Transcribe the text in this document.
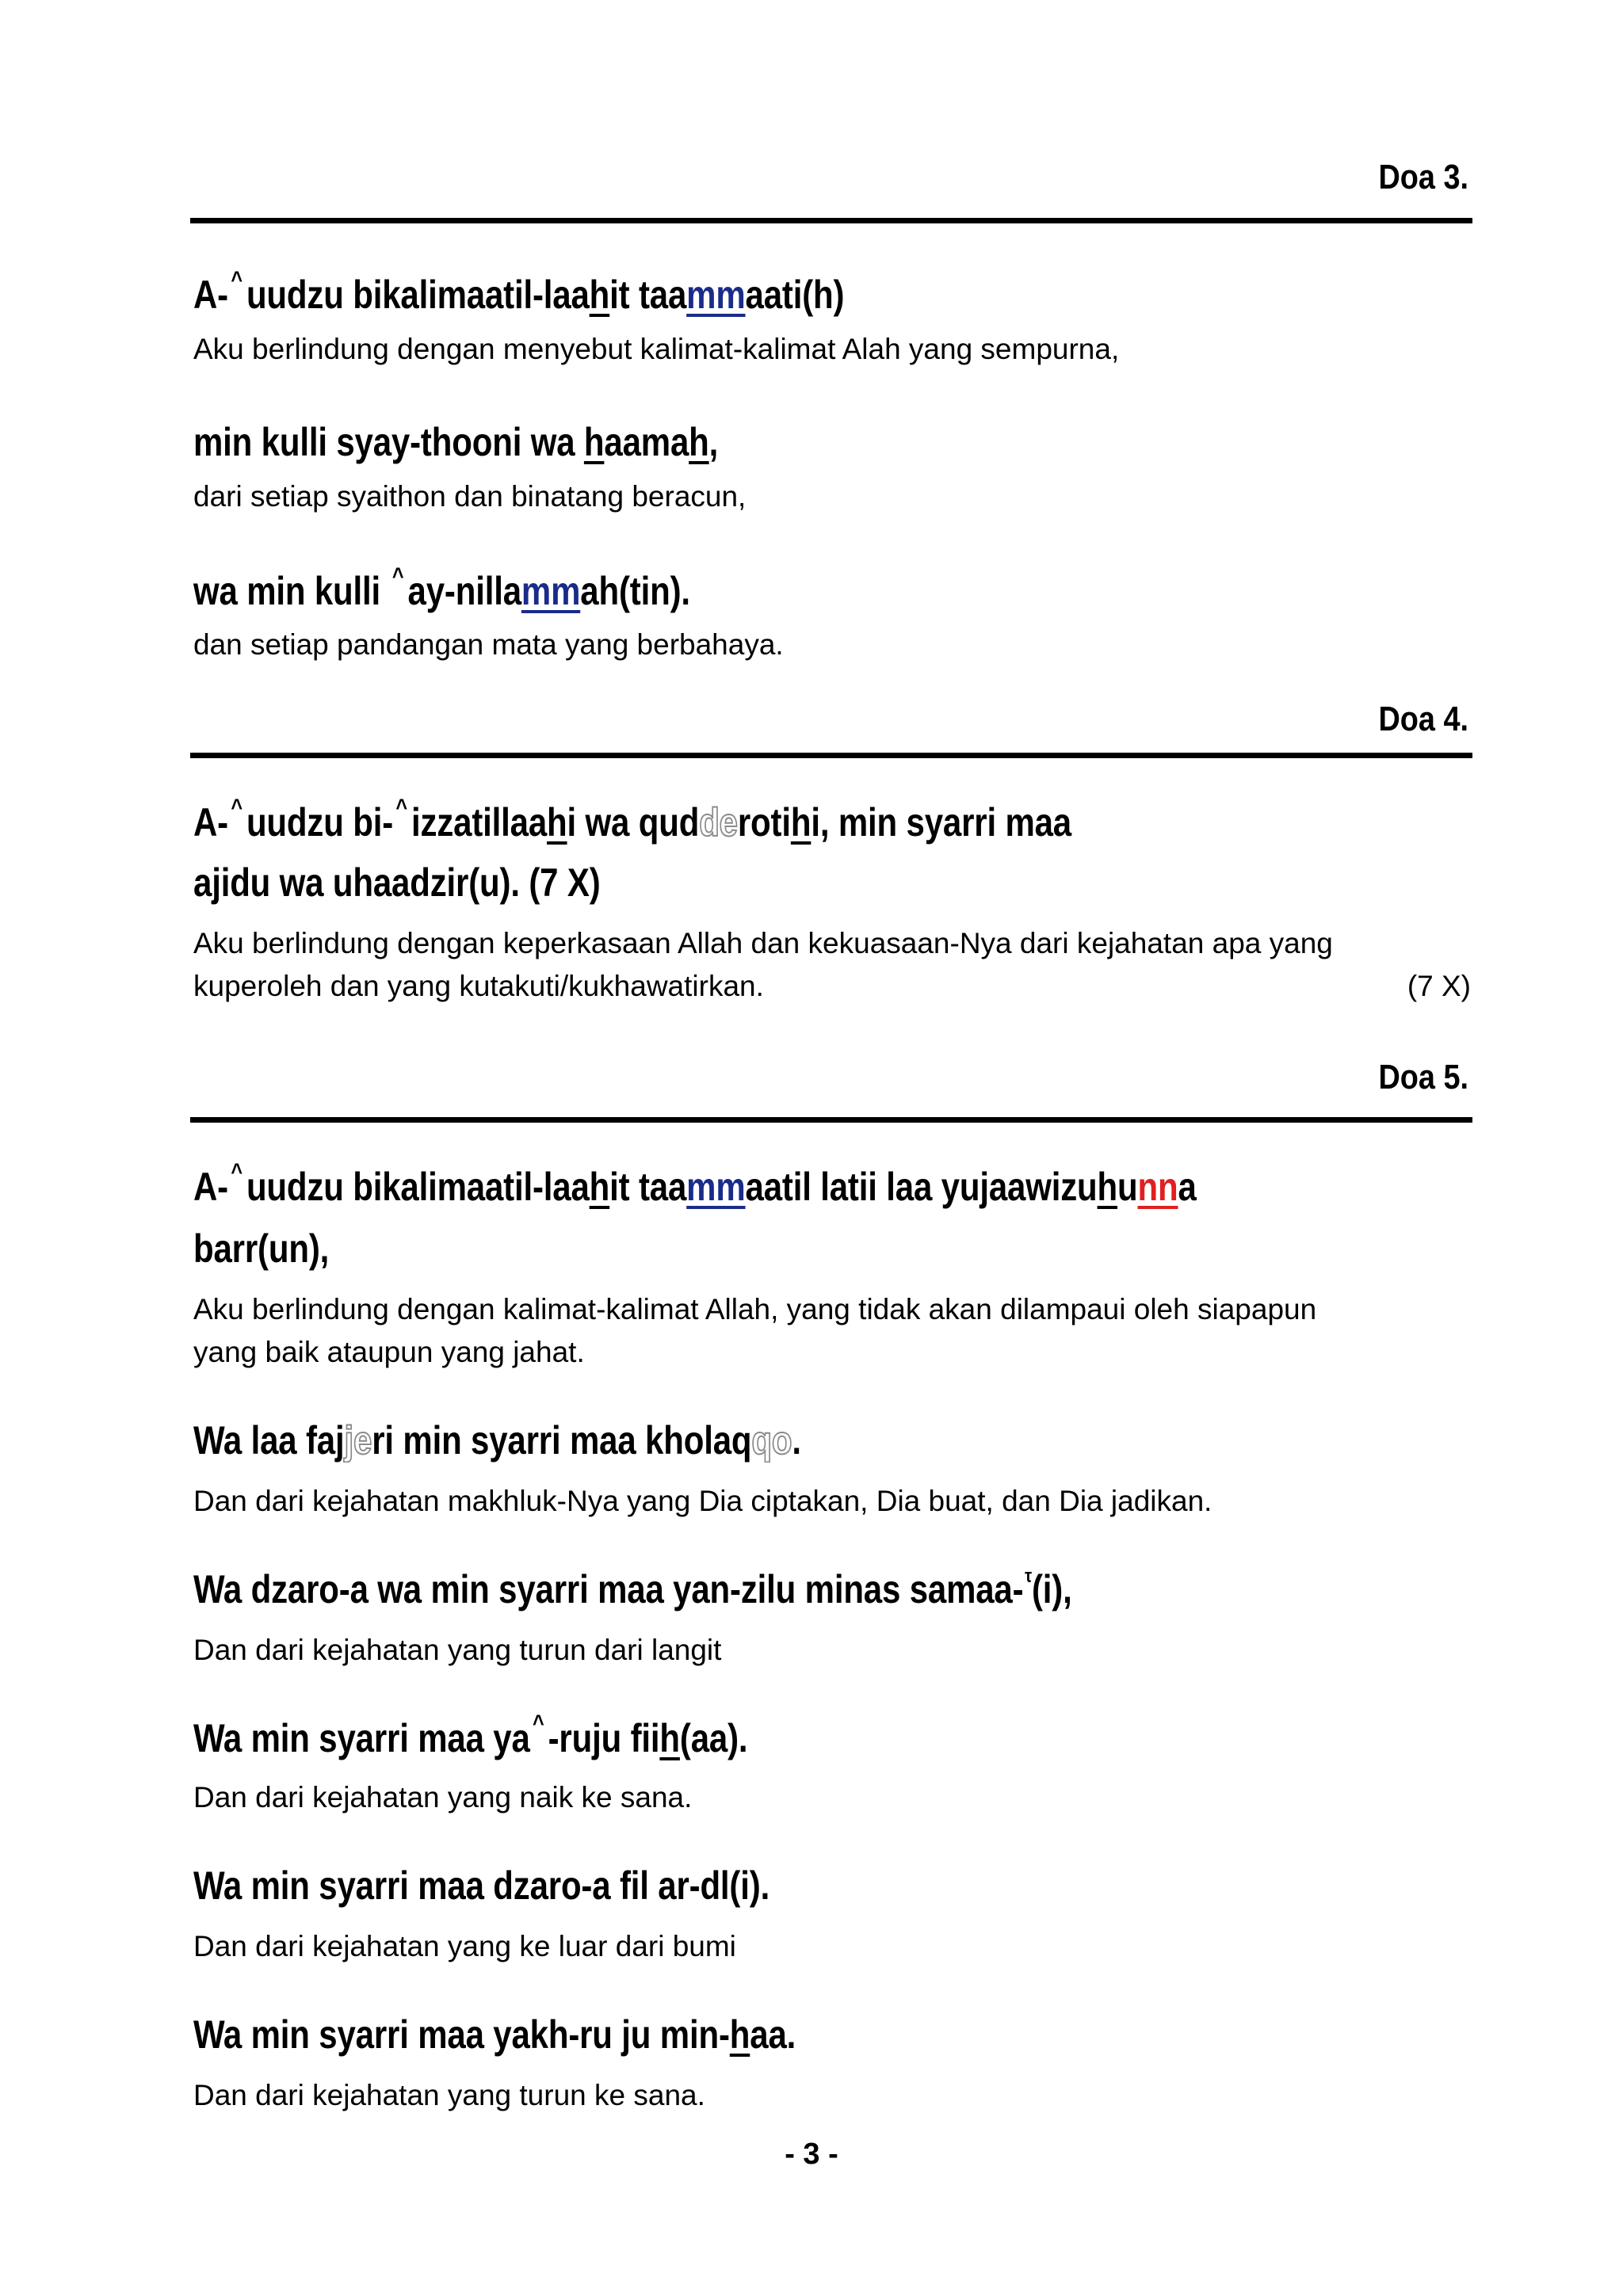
Doa 3.
A- ^ uudzu bikalimaatil-laahit taammaati(h)
Aku berlindung dengan menyebut kalimat-kalimat Alah yang sempurna,
min kulli syay-thooni wa haamah,
dari setiap syaithon dan binatang beracun,
wa min kulli ^ ay-nillammah(tin).
dan setiap pandangan mata yang berbahaya.
Doa 4.
A- ^ uudzu bi- ^ izzatillaahi wa qudderotihi, min syarri maa
ajidu wa uhaadzir(u). (7 X)
Aku berlindung dengan keperkasaan Allah dan kekuasaan-Nya dari kejahatan apa yang
kuperoleh dan yang kutakuti/kukhawatirkan.	(7 X)
Doa 5.
A- ^ uudzu bikalimaatil-laahit taammaatil latii laa yujaawizuhunna
barr(un),
Aku berlindung dengan kalimat-kalimat Allah, yang tidak akan dilampaui oleh siapapun
yang baik ataupun yang jahat.
Wa laa fajjeri min syarri maa kholaqqo.
Dan dari kejahatan makhluk-Nya yang Dia ciptakan, Dia buat, dan Dia jadikan.
Wa dzaro-a wa min syarri maa yan-zilu minas samaa-$^\tau$(i),
Dan dari kejahatan yang turun dari langit
Wa min syarri maa ya ^ -ruju fiih(aa).
Dan dari kejahatan yang naik ke sana.
Wa min syarri maa dzaro-a fil ar-dl(i).
Dan dari kejahatan yang ke luar dari bumi
Wa min syarri maa yakh-ru ju min-haa.
Dan dari kejahatan yang turun ke sana.
- 3 -
